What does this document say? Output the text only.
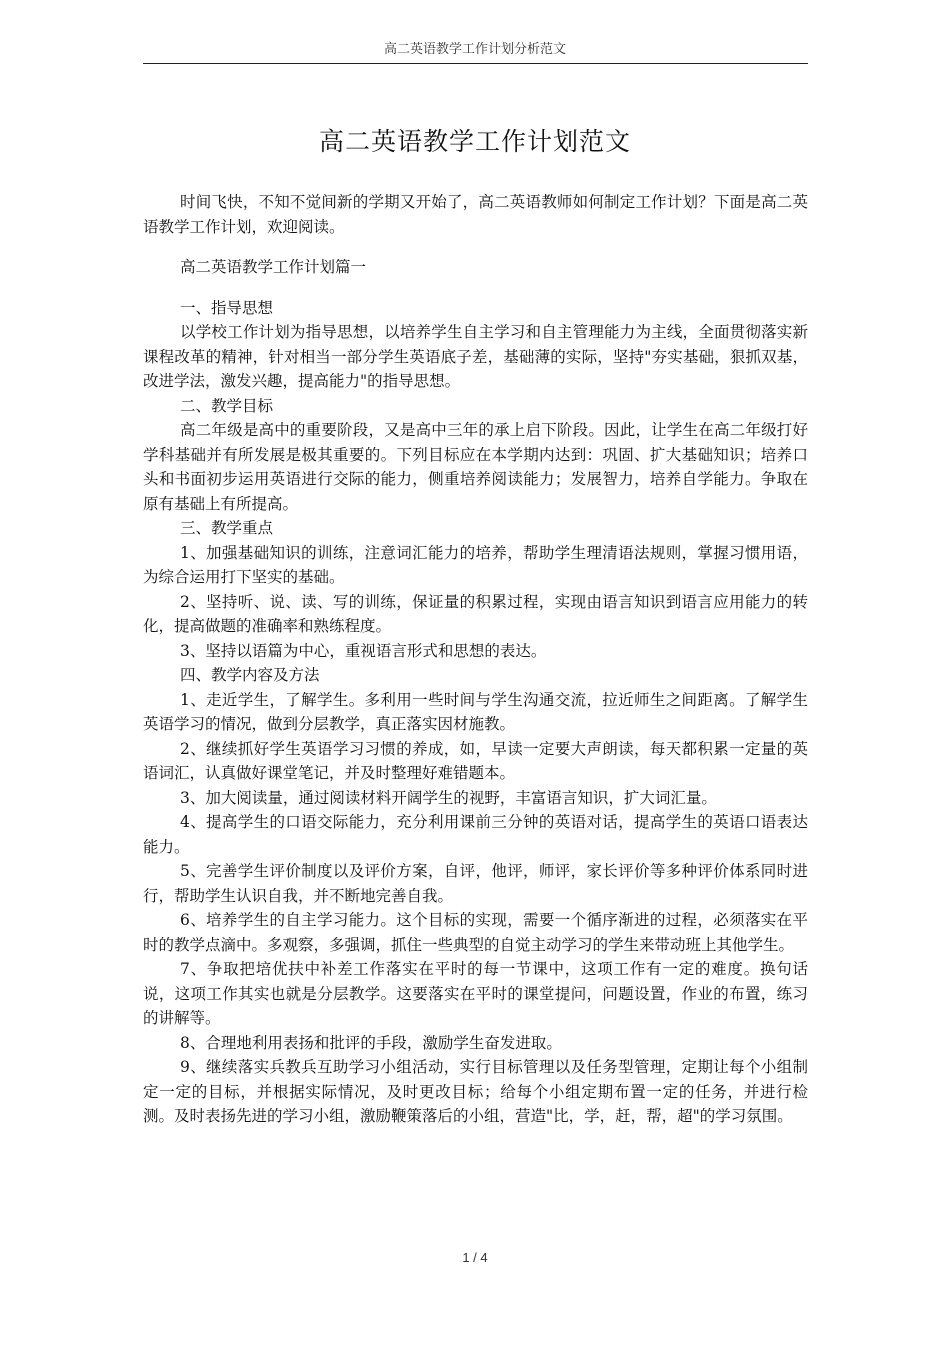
高二英语教学工作计划分析范文
高二英语教学工作计划范文

时间飞快，不知不觉间新的学期又开始了，高二英语教师如何制定工作计划？下面是高二英语教学工作计划，欢迎阅读。

高二英语教学工作计划篇一

一、指导思想

以学校工作计划为指导思想，以培养学生自主学习和自主管理能力为主线，全面贯彻落实新课程改革的精神，针对相当一部分学生英语底子差，基础薄的实际，坚持"夯实基础，狠抓双基，改进学法，激发兴趣，提高能力"的指导思想。

二、教学目标

高二年级是高中的重要阶段，又是高中三年的承上启下阶段。因此，让学生在高二年级打好学科基础并有所发展是极其重要的。下列目标应在本学期内达到：巩固、扩大基础知识；培养口头和书面初步运用英语进行交际的能力，侧重培养阅读能力；发展智力，培养自学能力。争取在原有基础上有所提高。

三、教学重点

1、加强基础知识的训练，注意词汇能力的培养，帮助学生理清语法规则，掌握习惯用语，为综合运用打下坚实的基础。

2、坚持听、说、读、写的训练，保证量的积累过程，实现由语言知识到语言应用能力的转化，提高做题的准确率和熟练程度。

3、坚持以语篇为中心，重视语言形式和思想的表达。

四、教学内容及方法

1、走近学生，了解学生。多利用一些时间与学生沟通交流，拉近师生之间距离。了解学生英语学习的情况，做到分层教学，真正落实因材施教。

2、继续抓好学生英语学习习惯的养成，如，早读一定要大声朗读，每天都积累一定量的英语词汇，认真做好课堂笔记，并及时整理好难错题本。

3、加大阅读量，通过阅读材料开阔学生的视野，丰富语言知识，扩大词汇量。

4、提高学生的口语交际能力，充分利用课前三分钟的英语对话，提高学生的英语口语表达能力。

5、完善学生评价制度以及评价方案，自评，他评，师评，家长评价等多种评价体系同时进行，帮助学生认识自我，并不断地完善自我。

6、培养学生的自主学习能力。这个目标的实现，需要一个循序渐进的过程，必须落实在平时的教学点滴中。多观察，多强调，抓住一些典型的自觉主动学习的学生来带动班上其他学生。

7、争取把培优扶中补差工作落实在平时的每一节课中，这项工作有一定的难度。换句话说，这项工作其实也就是分层教学。这要落实在平时的课堂提问，问题设置，作业的布置，练习的讲解等。

8、合理地利用表扬和批评的手段，激励学生奋发进取。

9、继续落实兵教兵互助学习小组活动，实行目标管理以及任务型管理，定期让每个小组制定一定的目标，并根据实际情况，及时更改目标；给每个小组定期布置一定的任务，并进行检测。及时表扬先进的学习小组，激励鞭策落后的小组，营造"比，学，赶，帮，超"的学习氛围。

1 / 4
